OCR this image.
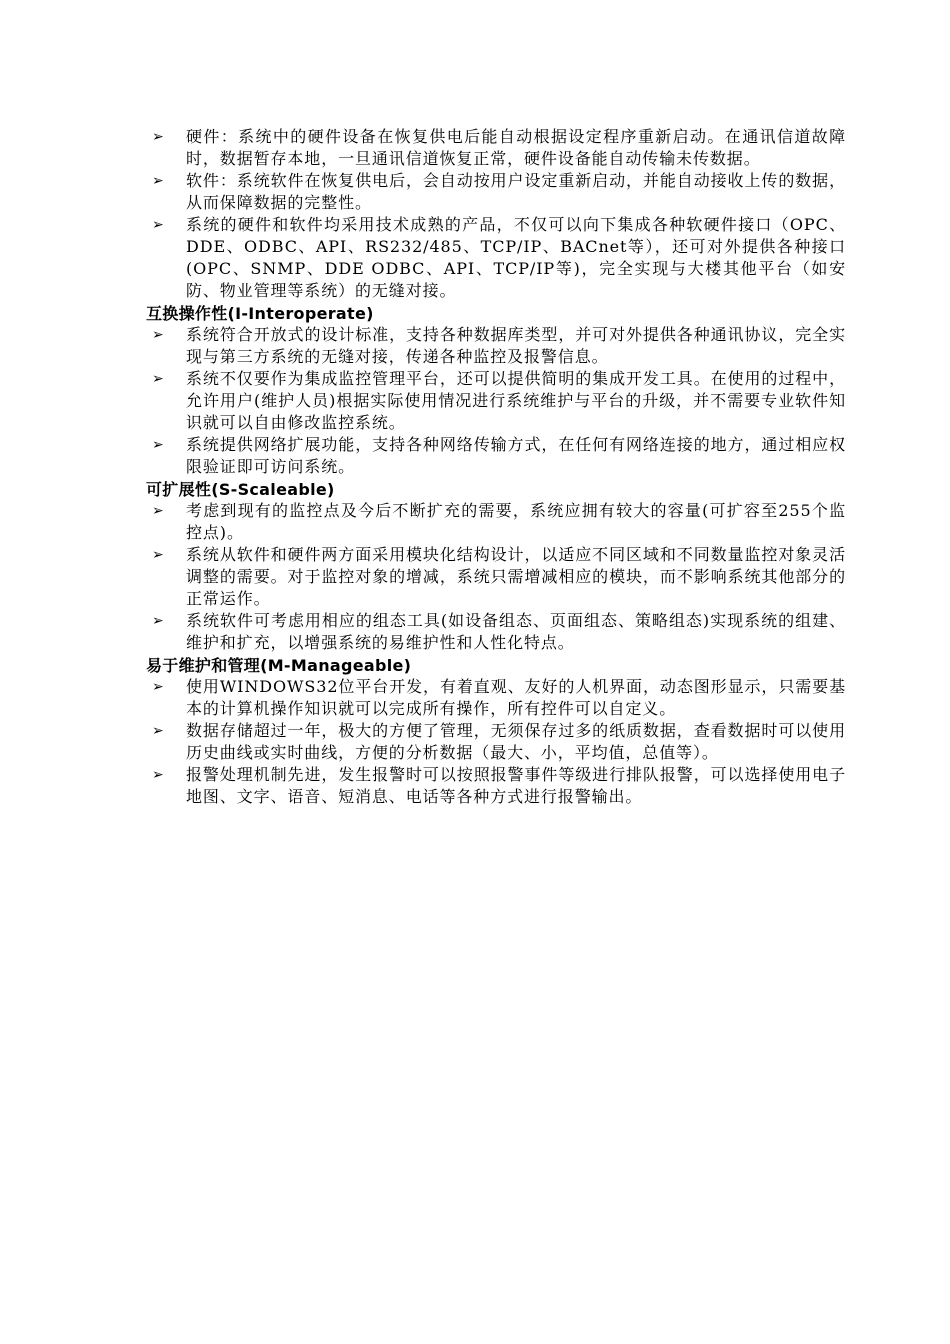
➢ 硬件：系统中的硬件设备在恢复供电后能自动根据设定程序重新启动。在通讯信道故障时，数据暂存本地，一旦通讯信道恢复正常，硬件设备能自动传输未传数据。
➢ 软件：系统软件在恢复供电后，会自动按用户设定重新启动，并能自动接收上传的数据，从而保障数据的完整性。
➢ 系统的硬件和软件均采用技术成熟的产品，不仅可以向下集成各种软硬件接口（OPC、DDE、ODBC、API、RS232/485、TCP/IP、BACnet等），还可对外提供各种接口(OPC、SNMP、DDE ODBC、API、TCP/IP等)，完全实现与大楼其他平台（如安防、物业管理等系统）的无缝对接。
互换操作性(I-Interoperate)
➢ 系统符合开放式的设计标准，支持各种数据库类型，并可对外提供各种通讯协议，完全实现与第三方系统的无缝对接，传递各种监控及报警信息。
➢ 系统不仅要作为集成监控管理平台，还可以提供简明的集成开发工具。在使用的过程中，允许用户(维护人员)根据实际使用情况进行系统维护与平台的升级，并不需要专业软件知识就可以自由修改监控系统。
➢ 系统提供网络扩展功能，支持各种网络传输方式，在任何有网络连接的地方，通过相应权限验证即可访问系统。
可扩展性(S-Scaleable)
➢ 考虑到现有的监控点及今后不断扩充的需要，系统应拥有较大的容量(可扩容至255个监控点)。
➢ 系统从软件和硬件两方面采用模块化结构设计，以适应不同区域和不同数量监控对象灵活调整的需要。对于监控对象的增减，系统只需增减相应的模块，而不影响系统其他部分的正常运作。
➢ 系统软件可考虑用相应的组态工具(如设备组态、页面组态、策略组态)实现系统的组建、维护和扩充，以增强系统的易维护性和人性化特点。
易于维护和管理(M-Manageable)
➢ 使用WINDOWS32位平台开发，有着直观、友好的人机界面，动态图形显示，只需要基本的计算机操作知识就可以完成所有操作，所有控件可以自定义。
➢ 数据存储超过一年，极大的方便了管理，无须保存过多的纸质数据，查看数据时可以使用历史曲线或实时曲线，方便的分析数据（最大、小，平均值，总值等）。
➢ 报警处理机制先进，发生报警时可以按照报警事件等级进行排队报警，可以选择使用电子地图、文字、语音、短消息、电话等各种方式进行报警输出。
